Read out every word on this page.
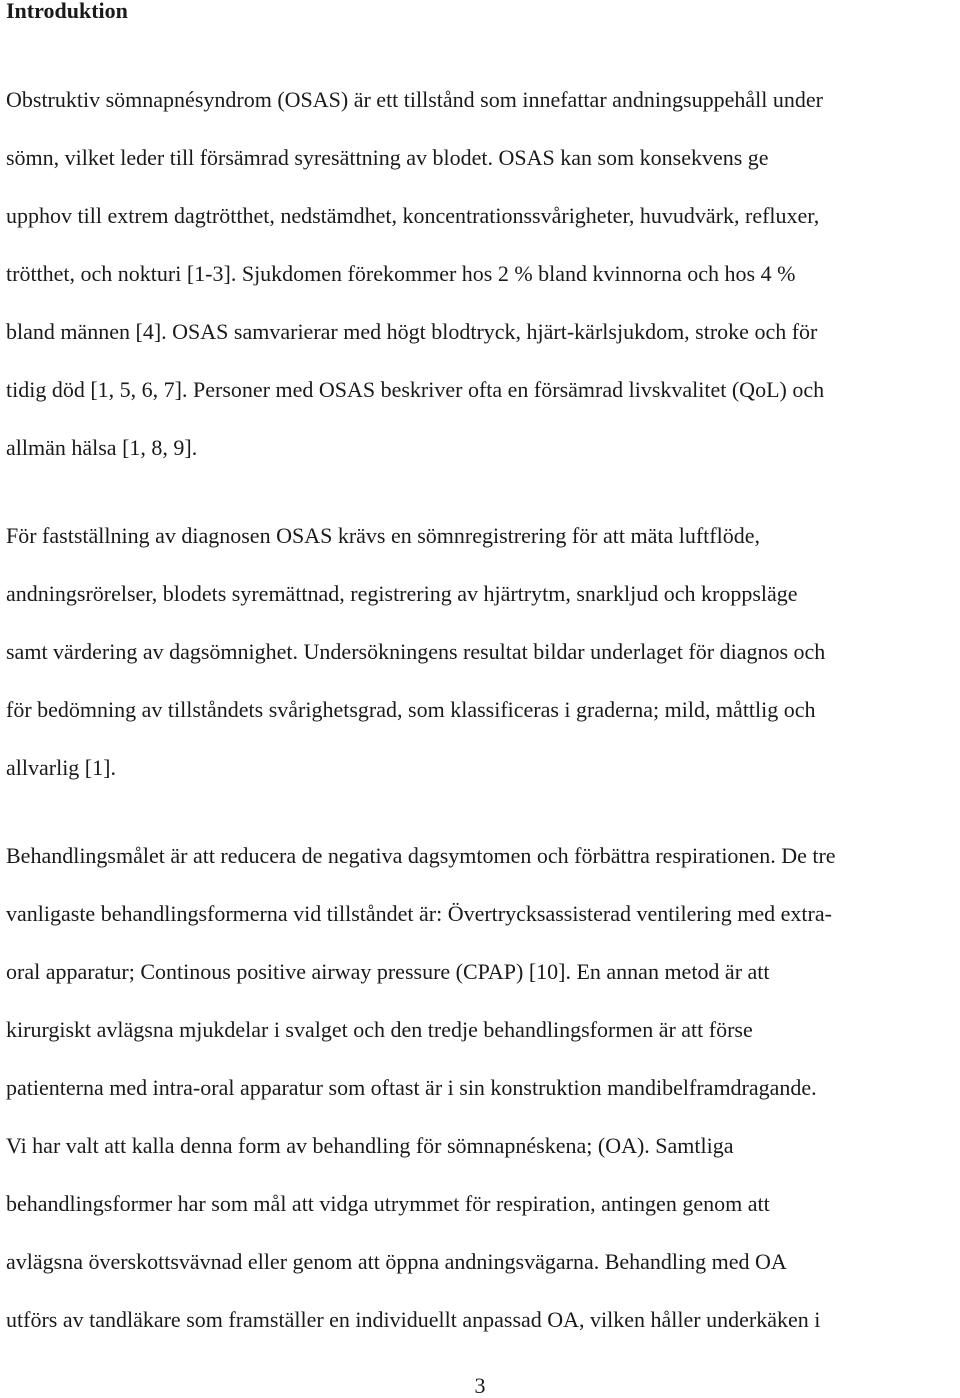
Introduktion

Obstruktiv sömnapnésyndrom (OSAS) är ett tillstånd som innefattar andningsuppehåll under

sömn, vilket leder till försämrad syresättning av blodet. OSAS kan som konsekvens ge

upphov till extrem dagtrötthet, nedstämdhet, koncentrationssvårigheter, huvudvärk, refluxer,

trötthet, och nokturi [1-3]. Sjukdomen förekommer hos 2 % bland kvinnorna och hos 4 %

bland männen [4]. OSAS samvarierar med högt blodtryck, hjärt-kärlsjukdom, stroke och för

tidig död [1, 5, 6, 7]. Personer med OSAS beskriver ofta en försämrad livskvalitet (QoL) och

allmän hälsa [1, 8, 9].

För fastställning av diagnosen OSAS krävs en sömnregistrering för att mäta luftflöde,

andningsrörelser, blodets syremättnad, registrering av hjärtrytm, snarkljud och kroppsläge

samt värdering av dagsömnighet. Undersökningens resultat bildar underlaget för diagnos och

för bedömning av tillståndets svårighetsgrad, som klassificeras i graderna; mild, måttlig och

allvarlig [1].

Behandlingsmålet är att reducera de negativa dagsymtomen och förbättra respirationen. De tre

vanligaste behandlingsformerna vid tillståndet är: Övertrycksassisterad ventilering med extra-

oral apparatur; Continous positive airway pressure (CPAP) [10]. En annan metod är att

kirurgiskt avlägsna mjukdelar i svalget och den tredje behandlingsformen är att förse

patienterna med intra-oral apparatur som oftast är i sin konstruktion mandibelframdragande.

Vi har valt att kalla denna form av behandling för sömnapnéskena; (OA). Samtliga

behandlingsformer har som mål att vidga utrymmet för respiration, antingen genom att

avlägsna överskottsvävnad eller genom att öppna andningsvägarna. Behandling med OA

utförs av tandläkare som framställer en individuellt anpassad OA, vilken håller underkäken i

3
